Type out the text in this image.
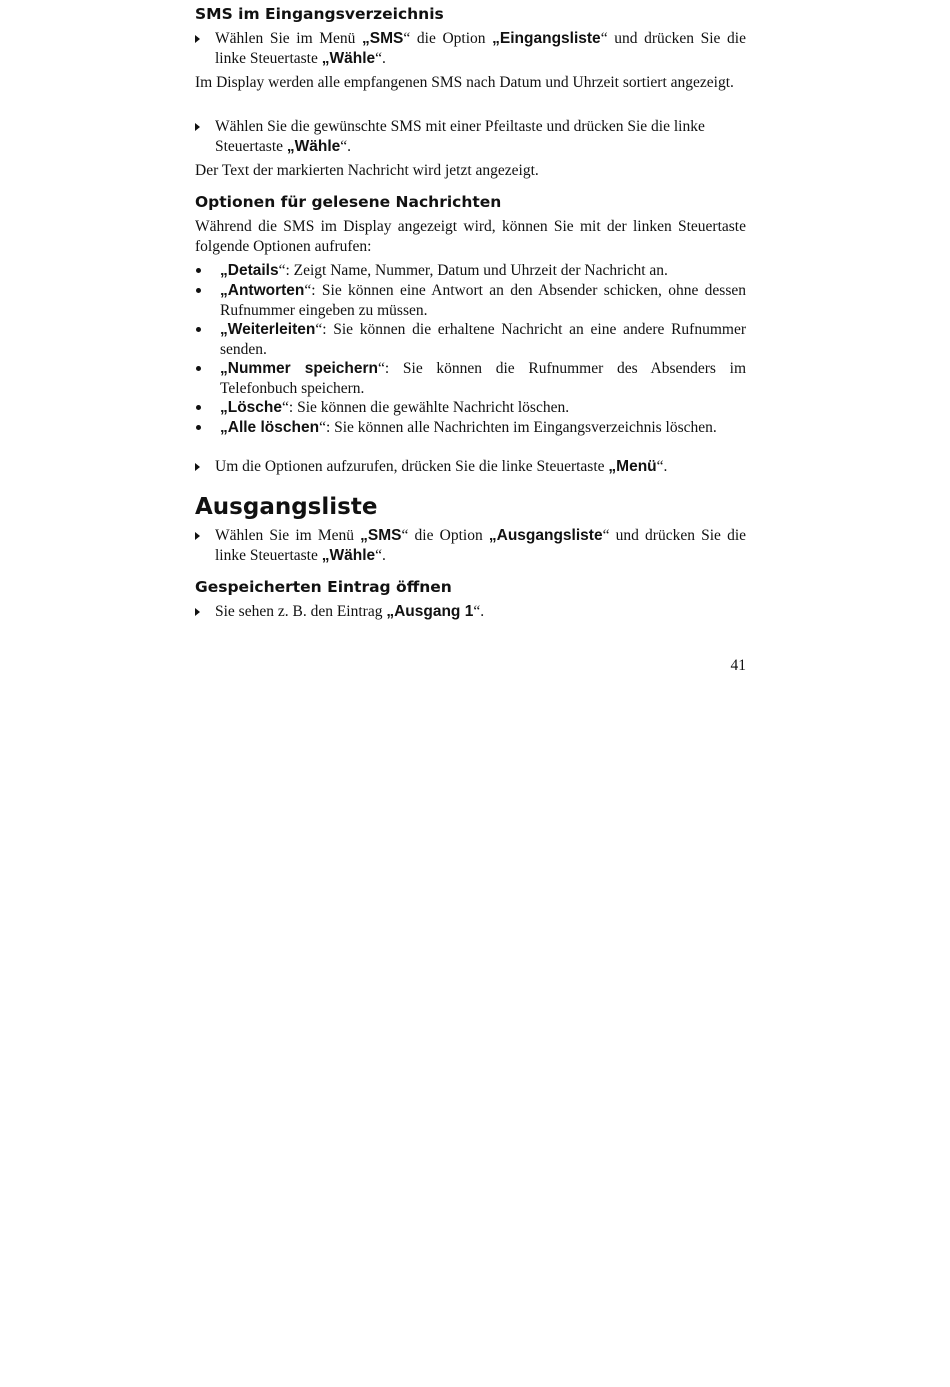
SMS im Eingangsverzeichnis
Wählen Sie im Menü „SMS“ die Option „Eingangsliste“ und drücken Sie die linke Steuertaste „Wähle“.

Im Display werden alle empfangenen SMS nach Datum und Uhrzeit sortiert angezeigt.

Wählen Sie die gewünschte SMS mit einer Pfeiltaste und drücken Sie die linke Steuertaste „Wähle“.

Der Text der markierten Nachricht wird jetzt angezeigt.

Optionen für gelesene Nachrichten

Während die SMS im Display angezeigt wird, können Sie mit der linken Steuertaste folgende Optionen aufrufen:

„Details“: Zeigt Name, Nummer, Datum und Uhrzeit der Nachricht an.
„Antworten“: Sie können eine Antwort an den Absender schicken, ohne dessen Rufnummer eingeben zu müssen.
„Weiterleiten“: Sie können die erhaltene Nachricht an eine andere Rufnummer senden.
„Nummer speichern“: Sie können die Rufnummer des Absenders im Telefonbuch speichern.
„Lösche“: Sie können die gewählte Nachricht löschen.
„Alle löschen“: Sie können alle Nachrichten im Eingangsverzeichnis löschen.
Um die Optionen aufzurufen, drücken Sie die linke Steuertaste „Menü“.
Ausgangsliste
Wählen Sie im Menü „SMS“ die Option „Ausgangsliste“ und drücken Sie die linke Steuertaste „Wähle“.
Gespeicherten Eintrag öffnen
Sie sehen z. B. den Eintrag „Ausgang 1“.
41
